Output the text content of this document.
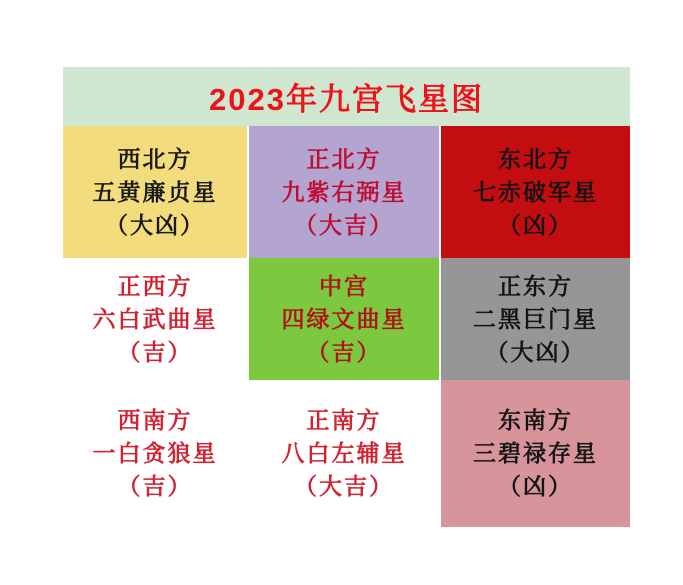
2023年九宫飞星图
西北方
五黄廉贞星
（大凶）
正北方
九紫右弼星
（大吉）
东北方
七赤破军星
（凶）
正西方
六白武曲星
（吉）
中宫
四绿文曲星
（吉）
正东方
二黑巨门星
（大凶）
西南方
一白贪狼星
（吉）
正南方
八白左辅星
（大吉）
东南方
三碧禄存星
（凶）
